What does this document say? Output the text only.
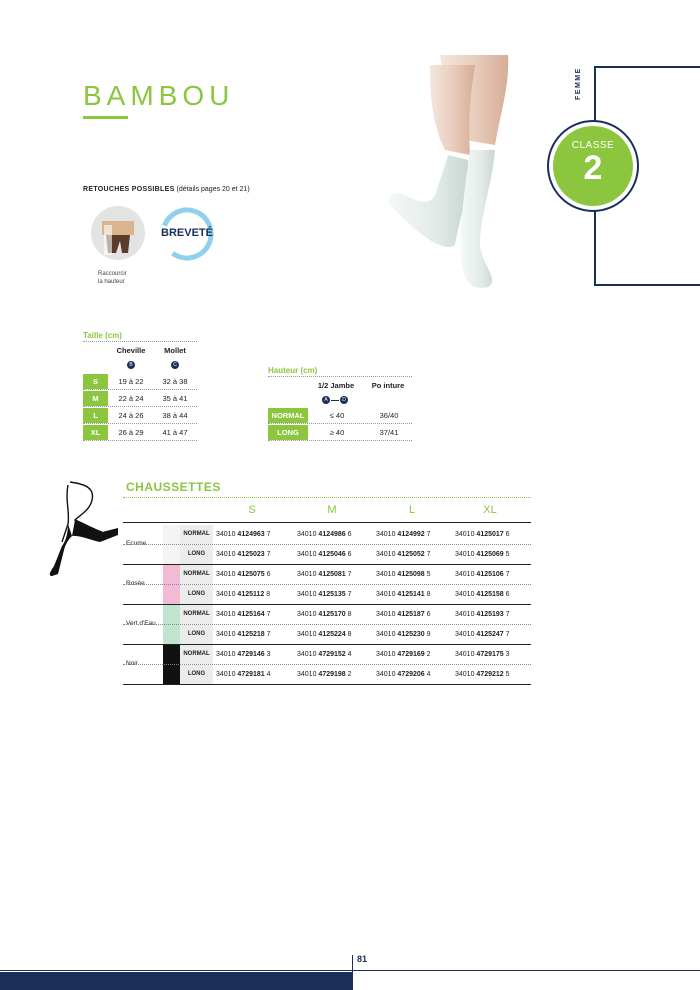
BAMBOU	FEMME
CLASSE
2
RETOUCHES POSSIBLES (détails pages 20 et 21)
Raccourcir
la hauteur
BREVETÉ
Taille (cm)
Cheville	Mollet
B	C
S	19 à 22	32 à 38
M	22 à 24	35 à 41
L	24 à 26	38 à 44
XL	26 à 29	41 à 47
Hauteur (cm)
1/2 Jambe	Po inture
A	D
NORMAL	≤ 40	36/40
LONG	≥ 40	37/41
CHAUSSETTES
S	M	L	XL
Ecume
NORMAL 34010 4124963 7	34010 4124986 6	34010 4124992 7	34010 4125017 6
LONG	34010 4125023 7	34010 4125046 6	34010 4125052 7	34010 4125069 5
Rosée
NORMAL 34010 4125075 6	34010 4125081 7	34010 4125098 5	34010 4125106 7
LONG	34010 4125112 8	34010 4125135 7	34010 4125141 8	34010 4125158 6
Vert d'Eau
NORMAL 34010 4125164 7	34010 4125170 8	34010 4125187 6	34010 4125193 7
LONG	34010 4125218 7	34010 4125224 8	34010 4125230 9	34010 4125247 7
Noir
NORMAL 34010 4729146 3	34010 4729152 4	34010 4729169 2	34010 4729175 3
LONG	34010 4729181 4	34010 4729198 2	34010 4729206 4	34010 4729212 5
81
